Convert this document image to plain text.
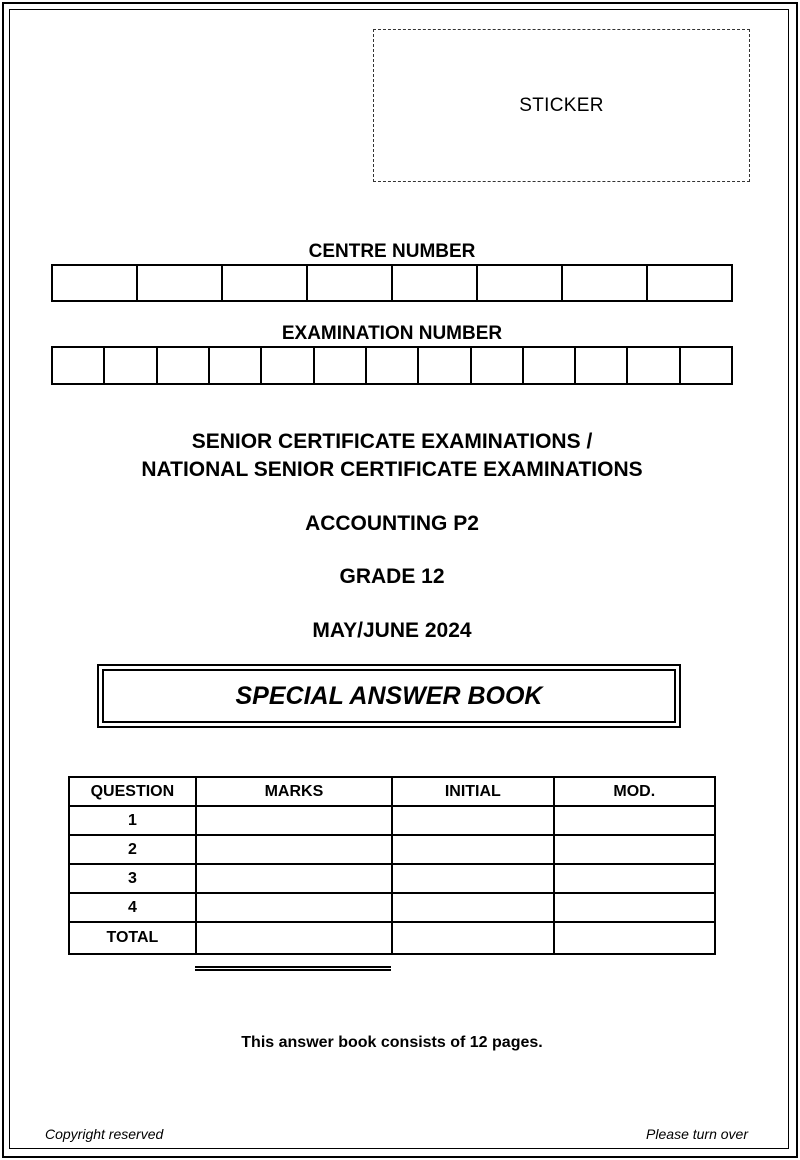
STICKER
CENTRE NUMBER
EXAMINATION NUMBER
SENIOR CERTIFICATE EXAMINATIONS /
NATIONAL SENIOR CERTIFICATE EXAMINATIONS
ACCOUNTING P2
GRADE 12
MAY/JUNE 2024
SPECIAL ANSWER BOOK
QUESTION	MARKS	INITIAL	MOD.
1			
2			
3			
4			
TOTAL			
This answer book consists of 12 pages.
Copyright reserved	Please turn over
